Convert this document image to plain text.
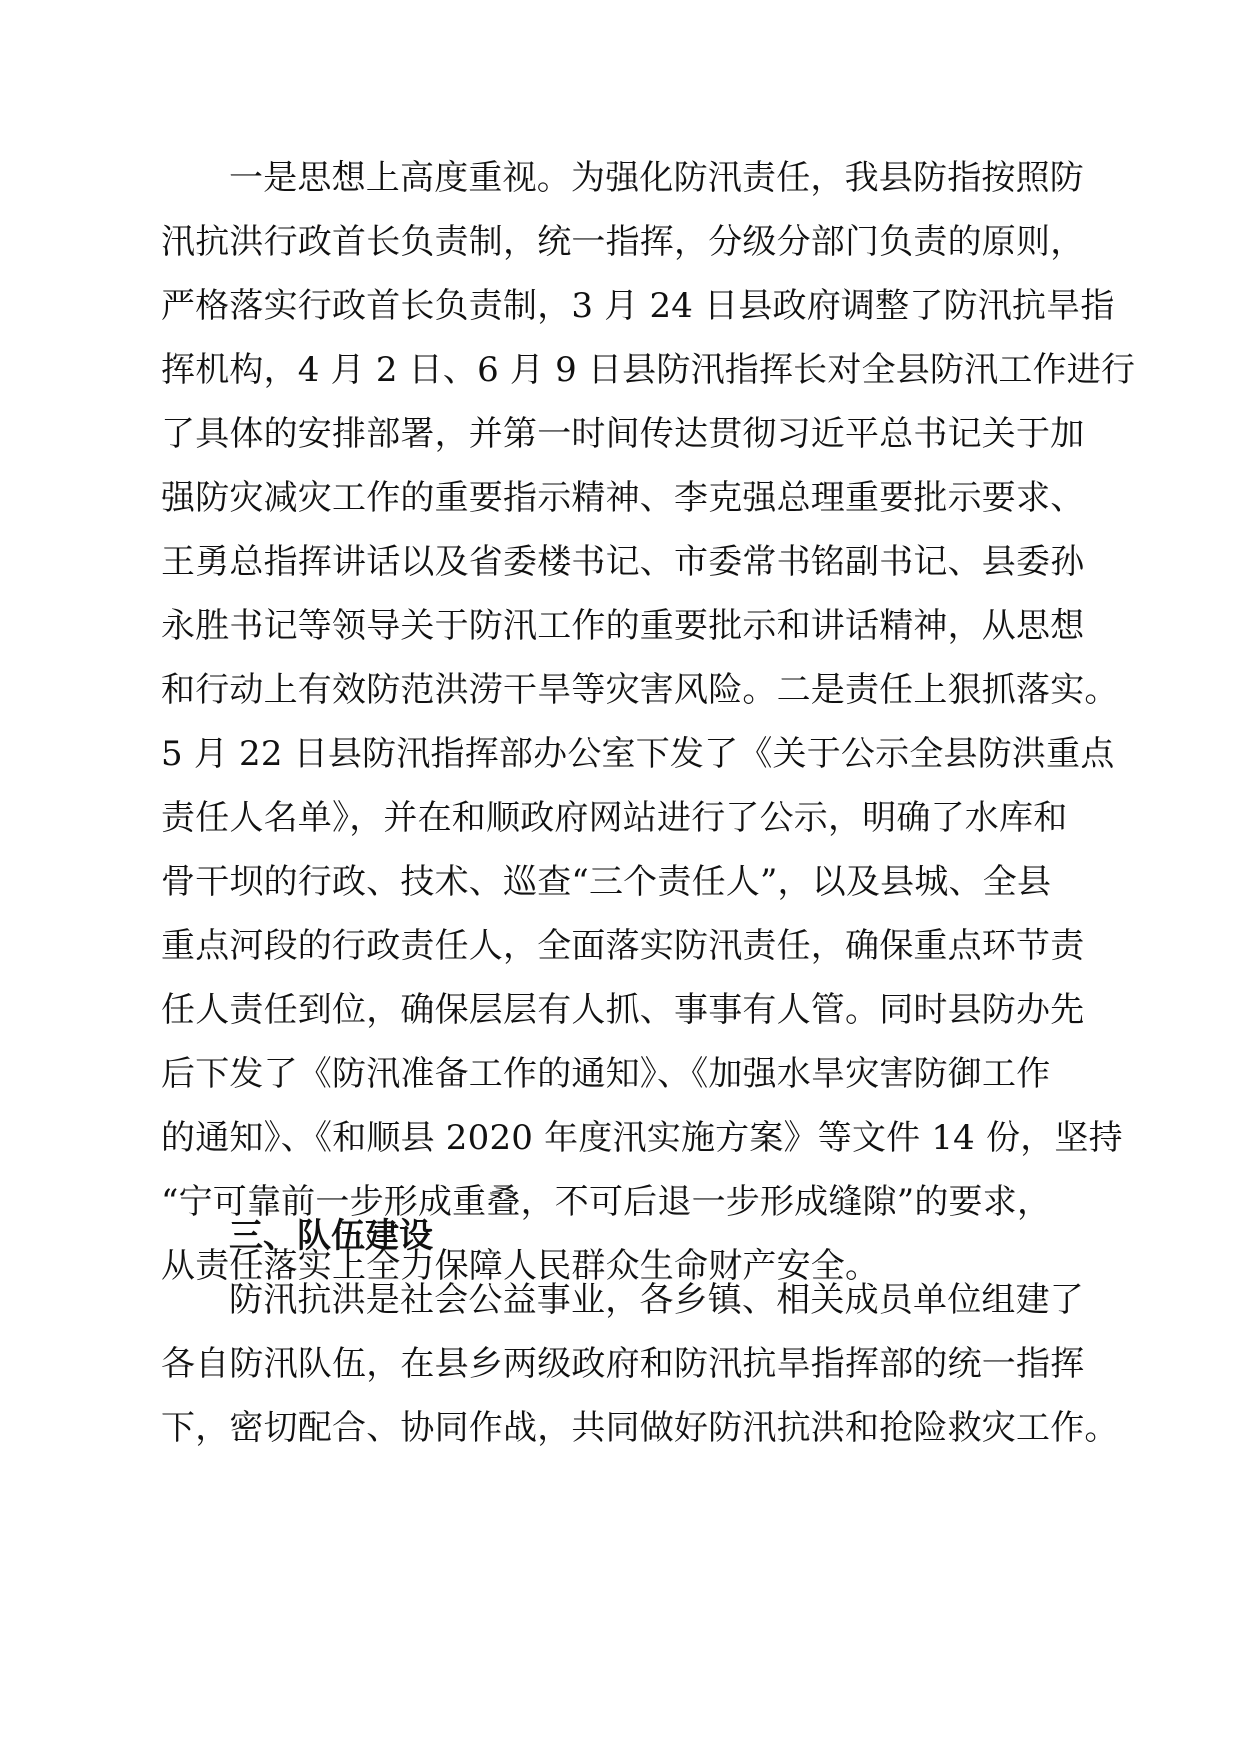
一是思想上高度重视。为强化防汛责任，我县防指按照防
汛抗洪行政首长负责制，统一指挥，分级分部门负责的原则，
严格落实行政首长负责制，3 月 24 日县政府调整了防汛抗旱指
挥机构，4 月 2 日、6 月 9 日县防汛指挥长对全县防汛工作进行
了具体的安排部署，并第一时间传达贯彻习近平总书记关于加
强防灾减灾工作的重要指示精神、李克强总理重要批示要求、
王勇总指挥讲话以及省委楼书记、市委常书铭副书记、县委孙
永胜书记等领导关于防汛工作的重要批示和讲话精神，从思想
和行动上有效防范洪涝干旱等灾害风险。二是责任上狠抓落实。
5 月 22 日县防汛指挥部办公室下发了《关于公示全县防洪重点
责任人名单》，并在和顺政府网站进行了公示，明确了水库和
骨干坝的行政、技术、巡查“三个责任人”，以及县城、全县
重点河段的行政责任人，全面落实防汛责任，确保重点环节责
任人责任到位，确保层层有人抓、事事有人管。同时县防办先
后下发了《防汛准备工作的通知》、《加强水旱灾害防御工作
的通知》、《和顺县 2020 年度汛实施方案》等文件 14 份，坚持
“宁可靠前一步形成重叠，不可后退一步形成缝隙”的要求，
从责任落实上全力保障人民群众生命财产安全。
三、队伍建设
防汛抗洪是社会公益事业，各乡镇、相关成员单位组建了
各自防汛队伍，在县乡两级政府和防汛抗旱指挥部的统一指挥
下，密切配合、协同作战，共同做好防汛抗洪和抢险救灾工作。
